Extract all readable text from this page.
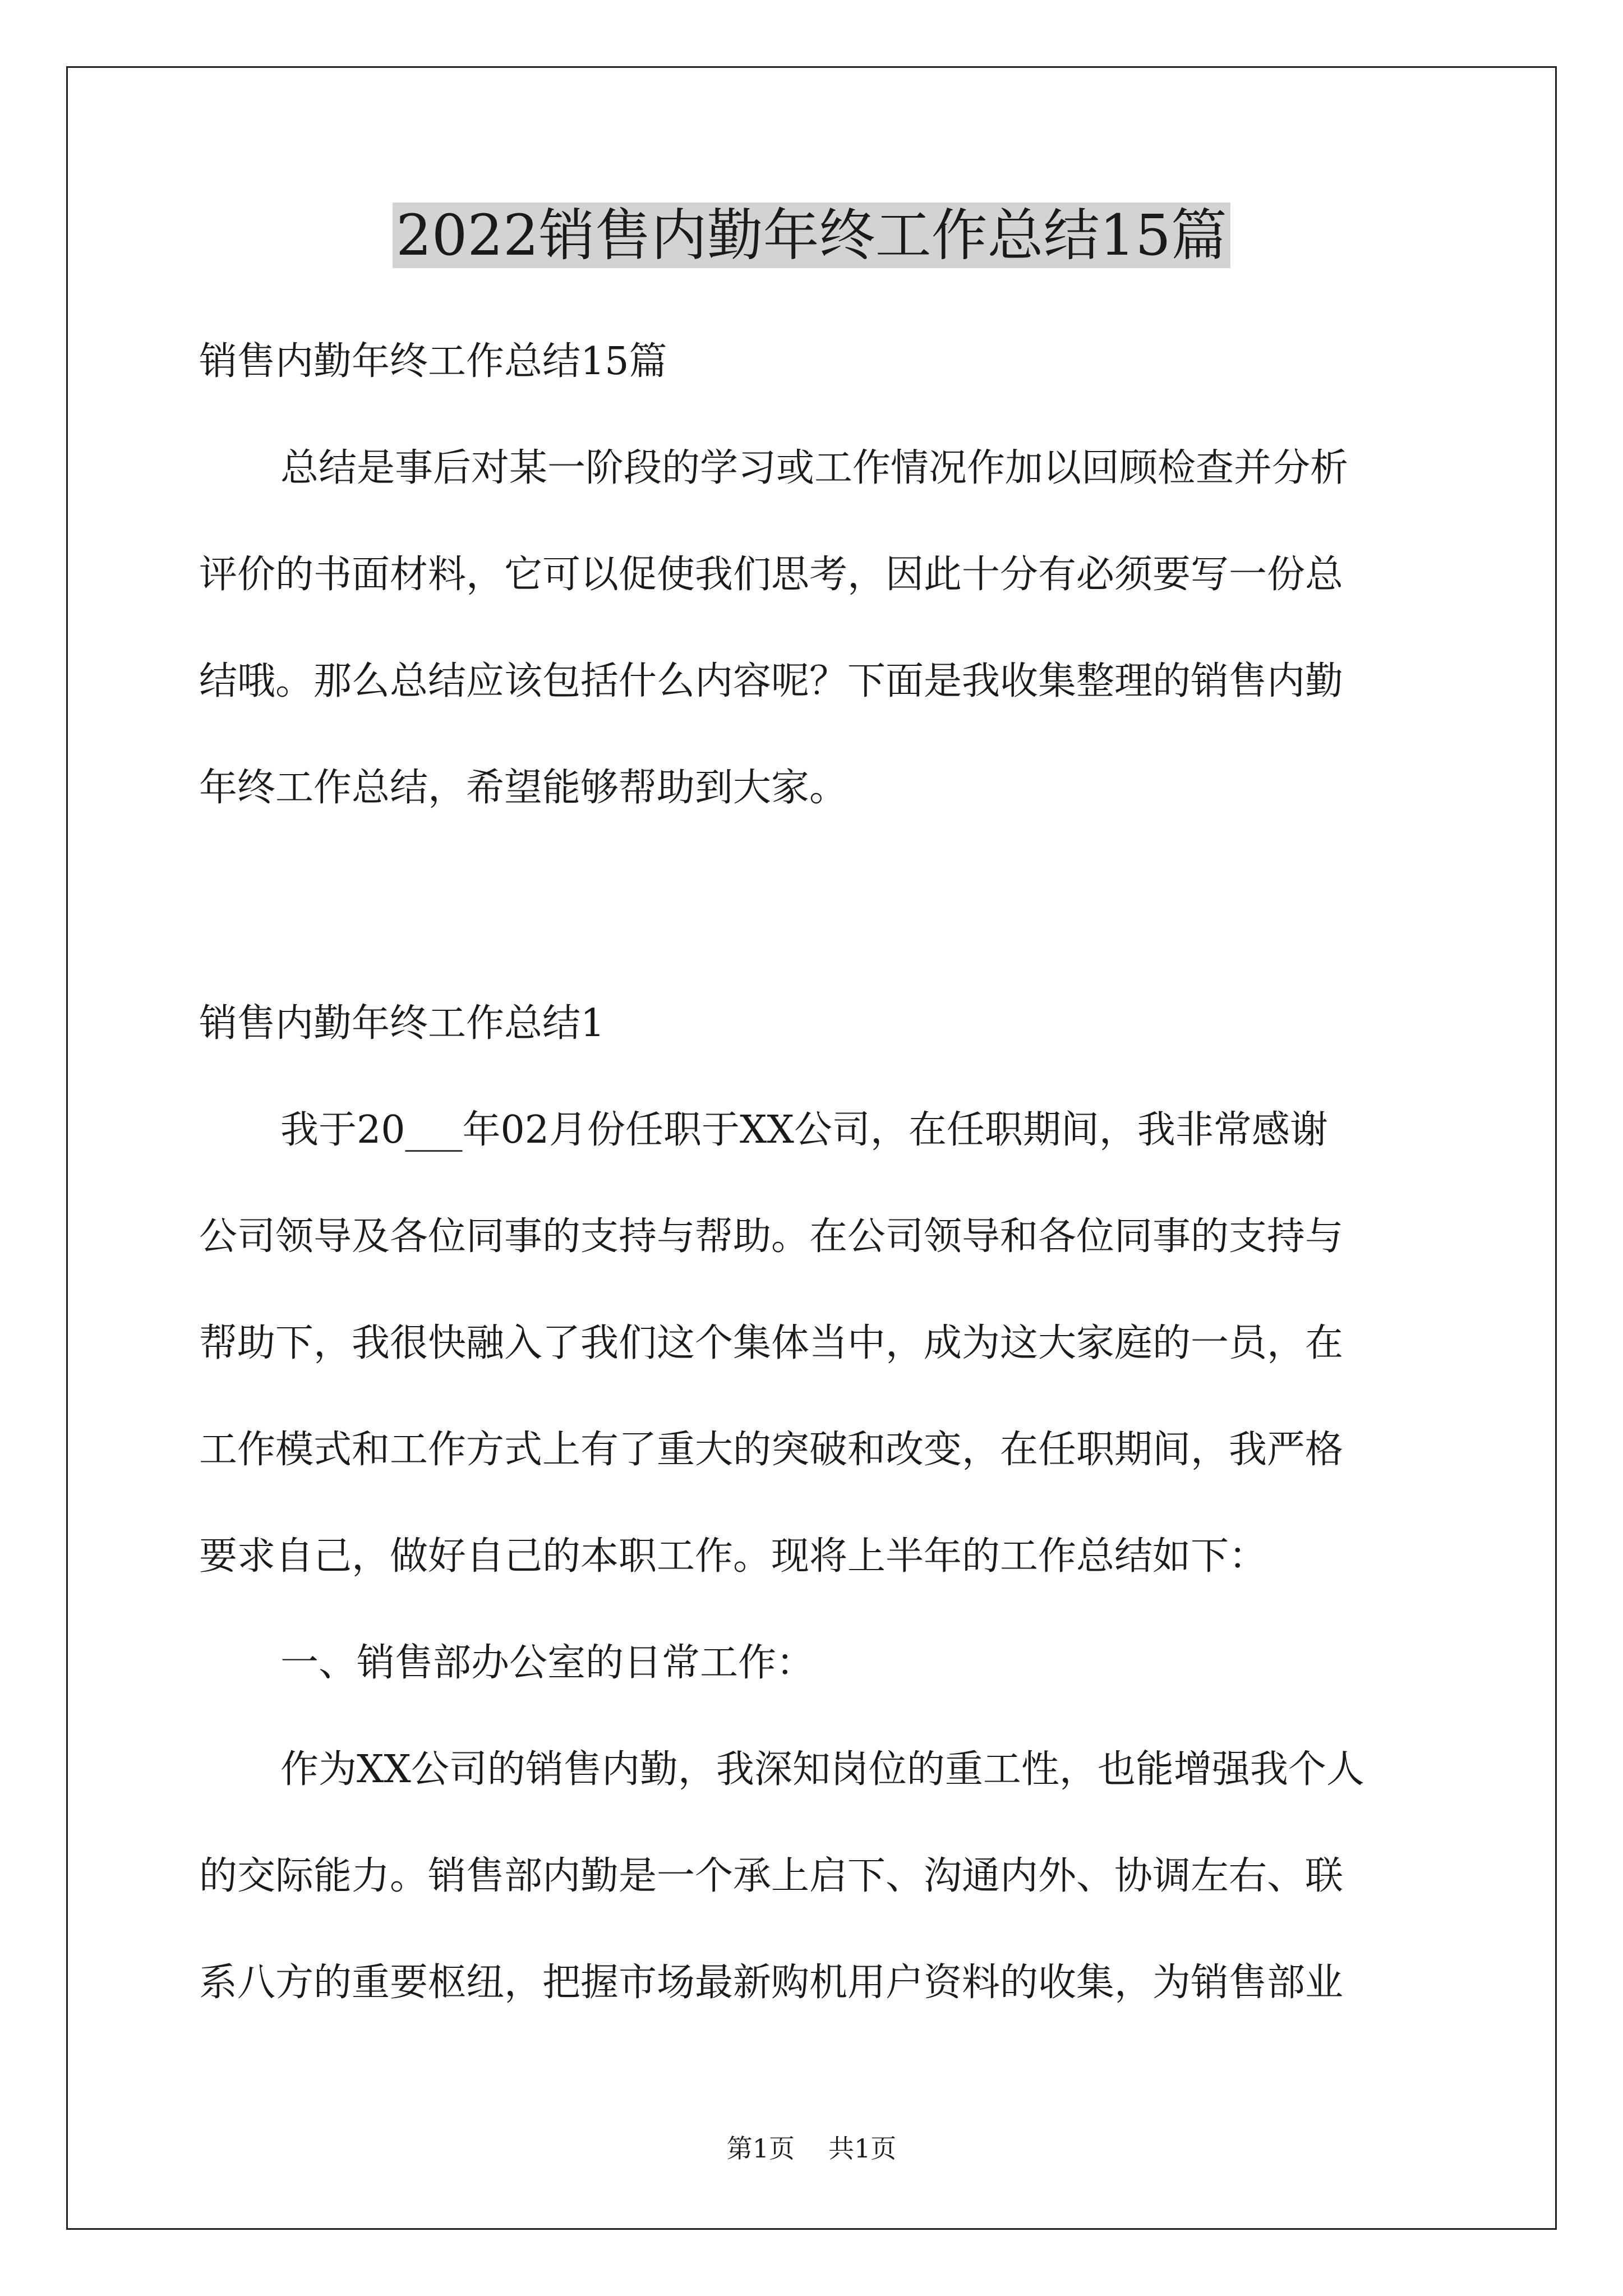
2022销售内勤年终工作总结15篇
销售内勤年终工作总结15篇
总结是事后对某一阶段的学习或工作情况作加以回顾检查并分析
评价的书面材料，它可以促使我们思考，因此十分有必须要写一份总
结哦。那么总结应该包括什么内容呢？下面是我收集整理的销售内勤
年终工作总结，希望能够帮助到大家。
销售内勤年终工作总结1
我于20___年02月份任职于XX公司，在任职期间，我非常感谢
公司领导及各位同事的支持与帮助。在公司领导和各位同事的支持与
帮助下，我很快融入了我们这个集体当中，成为这大家庭的一员，在
工作模式和工作方式上有了重大的突破和改变，在任职期间，我严格
要求自己，做好自己的本职工作。现将上半年的工作总结如下：
一、销售部办公室的日常工作：
作为XX公司的销售内勤，我深知岗位的重工性，也能增强我个人
的交际能力。销售部内勤是一个承上启下、沟通内外、协调左右、联
系八方的重要枢纽，把握市场最新购机用户资料的收集，为销售部业
第1页 共1页
